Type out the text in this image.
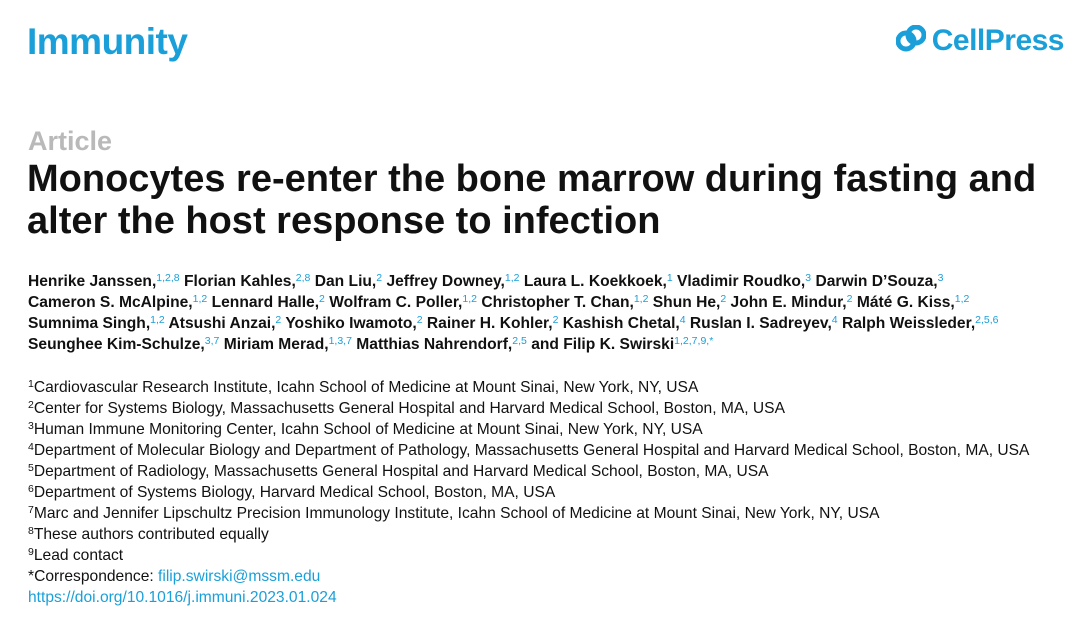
Immunity	CellPress
Article
Monocytes re-enter the bone marrow during fasting and alter the host response to infection
Henrike Janssen,$^{1,2,8}$ Florian Kahles,$^{2,8}$ Dan Liu,$^2$ Jeffrey Downey,$^{1,2}$ Laura L. Koekkoek,$^1$ Vladimir Roudko,$^3$ Darwin D’Souza,$^3$ Cameron S. McAlpine,$^{1,2}$ Lennard Halle,$^2$ Wolfram C. Poller,$^{1,2}$ Christopher T. Chan,$^{1,2}$ Shun He,$^2$ John E. Mindur,$^2$ Máté G. Kiss,$^{1,2}$ Sumnima Singh,$^{1,2}$ Atsushi Anzai,$^2$ Yoshiko Iwamoto,$^2$ Rainer H. Kohler,$^2$ Kashish Chetal,$^4$ Ruslan I. Sadreyev,$^4$ Ralph Weissleder,$^{2,5,6}$ Seunghee Kim-Schulze,$^{3,7}$ Miriam Merad,$^{1,3,7}$ Matthias Nahrendorf,$^{2,5}$ and Filip K. Swirski$^{1,2,7,9,*}$
$^1$Cardiovascular Research Institute, Icahn School of Medicine at Mount Sinai, New York, NY, USA
$^2$Center for Systems Biology, Massachusetts General Hospital and Harvard Medical School, Boston, MA, USA
$^3$Human Immune Monitoring Center, Icahn School of Medicine at Mount Sinai, New York, NY, USA
$^4$Department of Molecular Biology and Department of Pathology, Massachusetts General Hospital and Harvard Medical School, Boston, MA, USA
$^5$Department of Radiology, Massachusetts General Hospital and Harvard Medical School, Boston, MA, USA
$^6$Department of Systems Biology, Harvard Medical School, Boston, MA, USA
$^7$Marc and Jennifer Lipschultz Precision Immunology Institute, Icahn School of Medicine at Mount Sinai, New York, NY, USA
$^8$These authors contributed equally
$^9$Lead contact
*Correspondence: filip.swirski@mssm.edu
https://doi.org/10.1016/j.immuni.2023.01.024
